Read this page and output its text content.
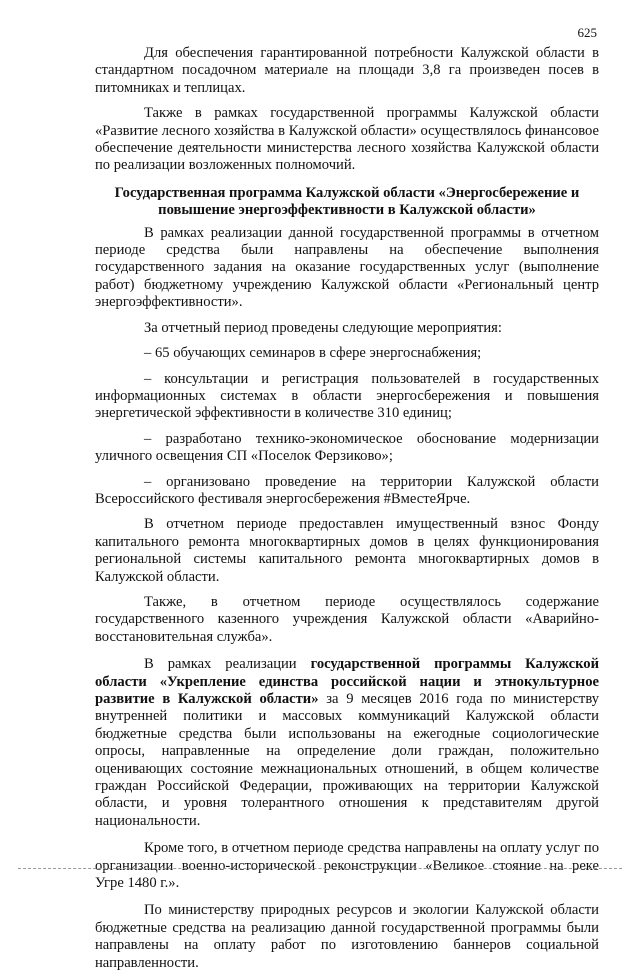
625

Для обеспечения гарантированной потребности Калужской области в стандартном посадочном материале на площади 3,8 га произведен посев в питомниках и теплицах.

Также в рамках государственной программы Калужской области «Развитие лесного хозяйства в Калужской области» осуществлялось финансовое обеспечение деятельности министерства лесного хозяйства Калужской области по реализации возложенных полномочий.

Государственная программа Калужской области «Энергосбережение и повышение энергоэффективности в Калужской области»

В рамках реализации данной государственной программы в отчетном периоде средства были направлены на обеспечение выполнения государственного задания на оказание государственных услуг (выполнение работ) бюджетному учреждению Калужской области «Региональный центр энергоэффективности».

За отчетный период проведены следующие мероприятия:

– 65 обучающих семинаров в сфере энергоснабжения;

– консультации и регистрация пользователей в государственных информационных системах в области энергосбережения и повышения энергетической эффективности в количестве 310 единиц;

– разработано технико-экономическое обоснование модернизации уличного освещения СП «Поселок Ферзиково»;

– организовано проведение на территории Калужской области Всероссийского фестиваля энергосбережения #ВместеЯрче.

В отчетном периоде предоставлен имущественный взнос Фонду капитального ремонта многоквартирных домов в целях функционирования региональной системы капитального ремонта многоквартирных домов в Калужской области.

Также, в отчетном периоде осуществлялось содержание государственного казенного учреждения Калужской области «Аварийно-восстановительная служба».

В рамках реализации государственной программы Калужской области «Укрепление единства российской нации и этнокультурное развитие в Калужской области» за 9 месяцев 2016 года по министерству внутренней политики и массовых коммуникаций Калужской области бюджетные средства были использованы на ежегодные социологические опросы, направленные на определение доли граждан, положительно оценивающих состояние межнациональных отношений, в общем количестве граждан Российской Федерации, проживающих на территории Калужской области, и уровня толерантного отношения к представителям другой национальности.

Кроме того, в отчетном периоде средства направлены на оплату услуг по организации военно-исторической реконструкции «Великое стояние на реке Угре 1480 г.».

По министерству природных ресурсов и экологии Калужской области бюджетные средства на реализацию данной государственной программы были направлены на оплату работ по изготовлению баннеров социальной направленности.
